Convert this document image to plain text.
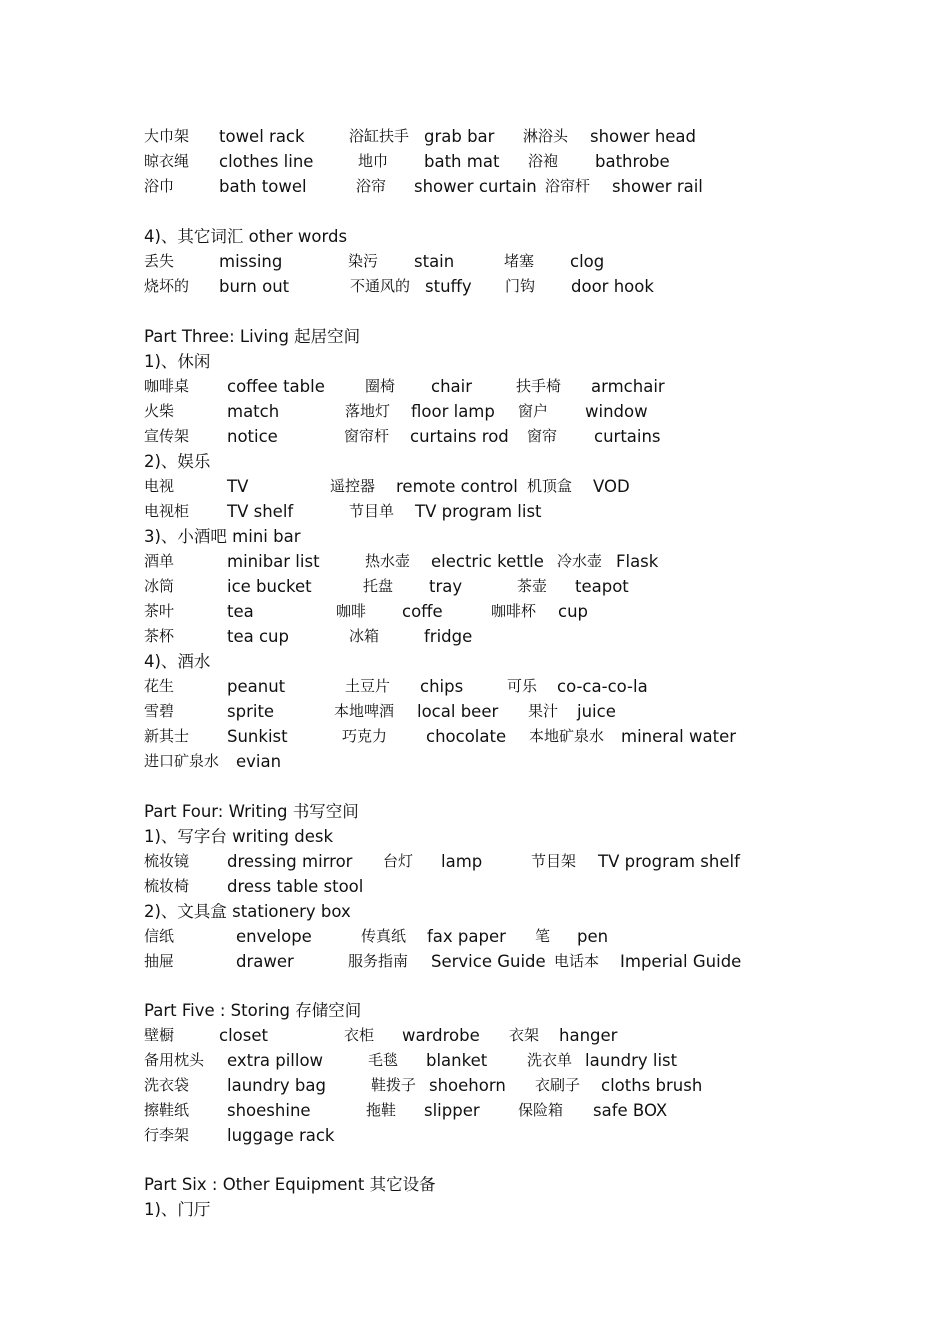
大巾架 towel rack	浴缸扶手 grab bar 淋浴头 shower head
晾衣绳 clothes line	地巾 bath mat 浴袍 bathrobe
浴巾	bath towel	浴帘 shower curtain 浴帘杆 shower rail
4)、其它词汇 other words
丢失	missing	染污 stain	堵塞 clog
烧坏的 burn out	不通风的 stuffy 门钩 door hook
Part Three: Living 起居空间
1)、休闲
咖啡桌 coffee table	圈椅 chair	扶手椅 armchair
火柴	match	落地灯 floor lamp 窗户 window
宣传架 notice	窗帘杆 curtains rod 窗帘 curtains
2)、娱乐
电视	TV	遥控器 remote control 机顶盒 VOD
电视柜 TV shelf	节目单 TV program list
3)、小酒吧 mini bar
酒单	minibar list	热水壶 electric kettle 冷水壶 Flask
冰筒	ice bucket	托盘 tray	茶壶 teapot
茶叶	tea	咖啡 coffe	咖啡杯 cup
茶杯	tea cup	冰箱	fridge
4)、酒水
花生	peanut	土豆片 chips	可乐 co-ca-co-la
雪碧	sprite	本地啤酒 local beer 果汁 juice
新其士 Sunkist	巧克力 chocolate 本地矿泉水 mineral water
进口矿泉水 evian
Part Four: Writing 书写空间
1)、写字台 writing desk
梳妆镜 dressing mirror 台灯 lamp	节目架 TV program shelf
梳妆椅 dress table stool
2)、文具盒 stationery box
信纸	envelope	传真纸 fax paper 笔 pen
抽屉	drawer	服务指南 Service Guide 电话本 Imperial Guide
Part Five : Storing 存储空间
壁橱	closet	衣柜 wardrobe 衣架 hanger
备用枕头 extra pillow	毛毯 blanket	洗衣单 laundry list
洗衣袋 laundry bag	鞋拨子 shoehorn 衣刷子 cloths brush
擦鞋纸 shoeshine	拖鞋 slipper	保险箱 safe BOX
行李架 luggage rack
Part Six : Other Equipment 其它设备
1)、门厅
